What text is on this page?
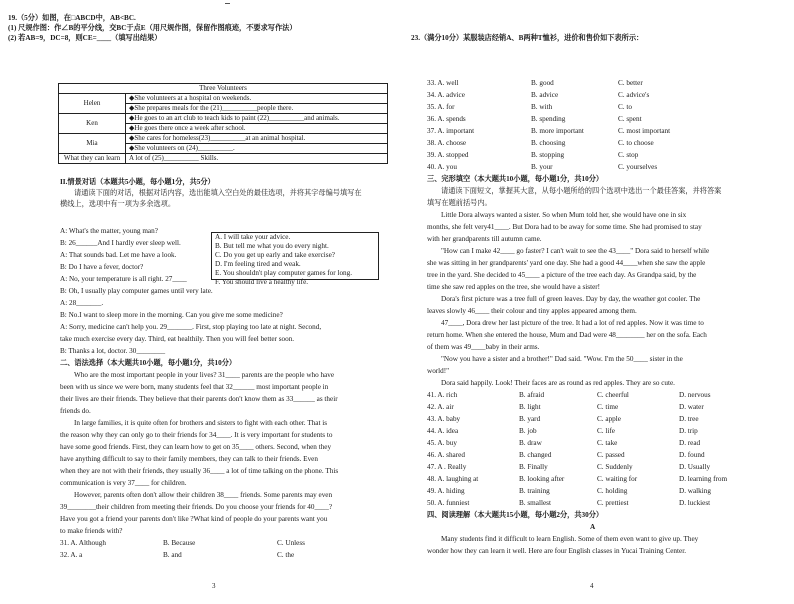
19.（5分）如图，在□ABCD中，AB<BC.
(1) 尺规作图：作∠B的平分线，交BC于点E（用尺规作图，保留作图痕迹，不要求写作法）
(2) 若AB=9，DC=8，则CE=____（填写出结果）
II.情景对话（本题共5小题，每小题1分，共5分）
请通读下面的对话，根据对话内容，选出能填入空白处的最佳选项，并将其字母编号填写在
横线上，选项中有一项为多余选项。
A: What's the matter, young man?
B: 26______And I hardly ever sleep well.
A: That sounds bad. Let me have a look.
B: Do I have a fever, doctor?
A: No, your temperature is all right. 27____
B: Oh, I usually play computer games until very late.
A: 28_______.
B: No.I want to sleep more in the morning. Can you give me some medicine?
A: Sorry, medicine can't help you. 29_______. First, stop playing too late at night. Second,
take much exercise every day. Third, eat healthily. Then you will feel better soon.
B: Thanks a lot, doctor. 30________
二、语法选择（本大题共10小题，每小题1分，共10分）
Who are the most important people in your lives? 31____ parents are the people who have
been with us since we were born, many students feel that 32______ most important people in
their lives are their friends. They believe that their parents don't know them as 33______ as their
friends do.
In large families, it is quite often for brothers and sisters to fight with each other. That is
the reason why they can only go to their friends for 34____. It is very important for students to
have some good friends. First, they can learn how to get on 35____ others. Second, when they
have anything difficult to say to their family members, they can talk to their friends. Even
when they are not with their friends, they usually 36____ a lot of time talking on the phone. This
communication is very 37____ for children.
However, parents often don't allow their children 38____ friends. Some parents may even
39________their children from meeting their friends. Do you choose your friends for 40____?
Have you got a friend your parents don't like ?What kind of people do your parents want you
to make friends with?
31. A. Although	B. Because	C. Unless
32. A. a	B. and	C. the
Three Volunteers	
Helen	◆She volunteers at a hospital on weekends.
	◆She prepares meals for the (21)__________people there.
Ken	◆He goes to an art club to teach kids to paint (22)__________and animals.
	◆He goes there once a week after school.
Mia	◆She cares for homeless(23)__________at an animal hospital.
	◆She volunteers on (24)__________.
What they can learn	A lot of (25)__________ Skills.
A. I will take your advice.
B. But tell me what you do every night.
C. Do you get up early and take exercise?
D. I'm feeling tired and weak.
E. You shouldn't play computer games for long.
F. You should live a healthy life.
3
23.（满分10分）某服装店经销A、B两种T恤衫，进价和售价如下表所示：
33. A. well	B. good	C. better
34. A. advice	B. advice	C. advice's
35. A. for	B. with	C. to
36. A. spends	B. spending	C. spent
37. A. important	B. more important	C. most important
38. A. choose	B. choosing	C. to choose
39. A. stopped	B. stopping	C. stop
40. A. you	B. your	C. yourselves
三、完形填空（本大题共10小题，每小题1分，共10分）
请通读下面短文，掌握其大意，从每小题所给的四个选项中选出一个最佳答案，并将答案
填写在题前括号内。
Little Dora always wanted a sister. So when Mum told her, she would have one in six
months, she felt very41____. But Dora had to be away for some time. She had promised to stay
with her grandparents till autumn came.
"How can I make 42____ go faster? I can't wait to see the 43____" Dora said to herself while
she was sitting in her grandparents' yard one day. She had a good 44____when she saw the apple
tree in the yard. She decided to 45____ a picture of the tree each day. As Grandpa said, by the
time she saw red apples on the tree, she would have a sister!
Dora's first picture was a tree full of green leaves. Day by day, the weather got cooler. The
leaves slowly 46____ their colour and tiny apples appeared among them.
47____, Dora drew her last picture of the tree. It had a lot of red apples. Now it was time to
return home. When she entered the house, Mum and Dad were 48________ her on the sofa. Each
of them was 49____baby in their arms.
"Now you have a sister and a brother!" Dad said. "Wow. I'm the 50____ sister in the
world!"
Dora said happily. Look! Their faces are as round as red apples. They are so cute.
41. A. rich	B. afraid	C. cheerful	D. nervous
42. A. air	B. light	C. time	D. water
43. A. baby	B. yard	C. apple	D. tree
44. A. idea	B. job	C. life	D. trip
45. A. buy	B. draw	C. take	D. read
46. A. shared	B. changed	C. passed	D. found
47. A . Really	B. Finally	C. Suddenly	D. Usually
48. A. laughing at	B. looking after	C. waiting for	D. learning from
49. A. hiding	B. training	C. holding	D. walking
50. A. funniest	B. smallest	C. prettiest	D. luckiest
四、阅读理解（本大题共15小题，每小题2分，共30分）
A
Many students find it difficult to learn English. Some of them even want to give up. They
wonder how they can learn it well. Here are four English classes in Yucai Training Center.
4
